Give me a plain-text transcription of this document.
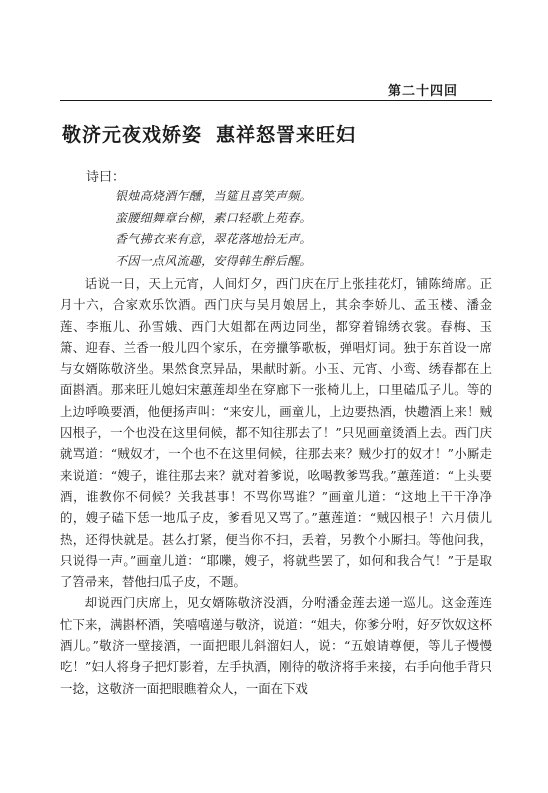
第二十四回
敬济元夜戏娇姿 惠祥怒詈来旺妇
诗曰：
银烛高烧酒乍醺，当筵且喜笑声频。
蛮腰细舞章台柳，素口轻歌上苑春。
香气拂衣来有意，翠花落地拾无声。
不因一点风流趣，安得韩生醉后醒。

话说一日，天上元宵，人间灯夕，西门庆在厅上张挂花灯，铺陈绮席。正月十六，合家欢乐饮酒。西门庆与吴月娘居上，其余李娇儿、孟玉楼、潘金莲、李瓶儿、孙雪娥、西门大姐都在两边同坐，都穿着锦绣衣裳。春梅、玉箫、迎春、兰香一般儿四个家乐，在旁擸筝歌板，弹唱灯词。独于东首设一席与女婿陈敬济坐。果然食烹异品，果献时新。小玉、元宵、小鸾、绣春都在上面斟酒。那来旺儿媳妇宋蕙莲却坐在穿廊下一张椅儿上，口里磕瓜子儿。等的上边呼唤要酒，他便扬声叫：“来安儿，画童儿，上边要热酒，快趱酒上来！贼囚根子，一个也没在这里伺候，都不知往那去了！”只见画童烫酒上去。西门庆就骂道：“贼奴才，一个也不在这里伺候，往那去来？贼少打的奴才！”小厮走来说道：“嫂子，谁往那去来？就对着爹说，吆喝教爹骂我。”蕙莲道：“上头要酒，谁教你不伺候？关我甚事！不骂你骂谁？”画童儿道：“这地上干干净净的，嫂子磕下恁一地瓜子皮，爹看见又骂了。”蕙莲道：“贼囚根子！六月债儿热，还得快就是。甚么打紧，便当你不扫，丢着，另教个小厮扫。等他问我，只说得一声。”画童儿道：“耶嚛，嫂子，将就些罢了，如何和我合气！”于是取了笤帚来，替他扫瓜子皮，不题。

却说西门庆席上，见女婿陈敬济没酒，分咐潘金莲去递一巡儿。这金莲连忙下来，满斟杯酒，笑嘻嘻递与敬济，说道：“姐夫，你爹分咐，好歹饮奴这杯酒儿。”敬济一壁接酒，一面把眼儿斜溜妇人，说：“五娘请尊便，等儿子慢慢吃！”妇人将身子把灯影着，左手执酒，刚待的敬济将手来接，右手向他手背只一捻，这敬济一面把眼瞧着众人，一面在下戏
